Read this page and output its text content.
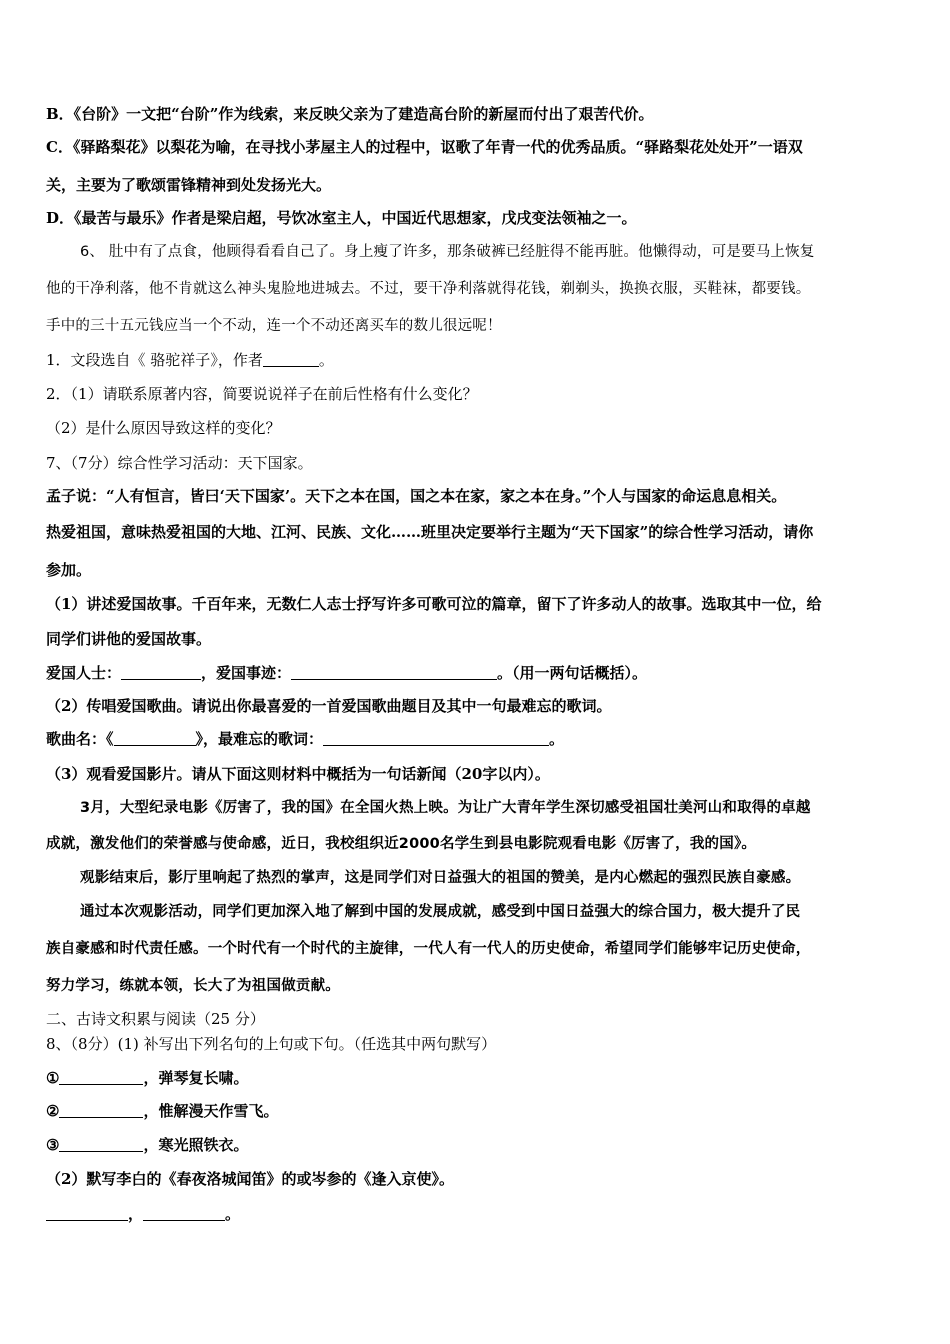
B．《台阶》一文把“台阶”作为线索，来反映父亲为了建造高台阶的新屋而付出了艰苦代价。
C．《驿路梨花》以梨花为喻，在寻找小茅屋主人的过程中，讴歌了年青一代的优秀品质。“驿路梨花处处开”一语双
关，主要为了歌颂雷锋精神到处发扬光大。
D．《最苦与最乐》作者是梁启超，号饮冰室主人，中国近代思想家，戊戌变法领袖之一。
6、 肚中有了点食，他顾得看看自己了。身上瘦了许多，那条破裤已经脏得不能再脏。他懒得动，可是要马上恢复
他的干净利落，他不肯就这么神头鬼脸地进城去。不过，要干净利落就得花钱，剃剃头，换换衣服，买鞋袜，都要钱。
手中的三十五元钱应当一个不动，连一个不动还离买车的数儿很远呢！
1．文段选自《 骆驼祥子》，作者	。
2．（1）请联系原著内容，简要说说祥子在前后性格有什么变化？
（2）是什么原因导致这样的变化？
7、（7分）综合性学习活动：天下国家。
孟子说：“人有恒言，皆曰‘天下国家’。天下之本在国，国之本在家，家之本在身。”个人与国家的命运息息相关。
热爱祖国，意味热爱祖国的大地、江河、民族、文化……班里决定要举行主题为“天下国家”的综合性学习活动，请你
参加。
（1）讲述爱国故事。千百年来，无数仁人志士抒写许多可歌可泣的篇章，留下了许多动人的故事。选取其中一位，给
同学们讲他的爱国故事。
爱国人士：	，爱国事迹：	。（用一两句话概括）。
（2）传唱爱国歌曲。请说出你最喜爱的一首爱国歌曲题目及其中一句最难忘的歌词。
歌曲名：《	》，最难忘的歌词：	。
（3）观看爱国影片。请从下面这则材料中概括为一句话新闻（20字以内）。
3月，大型纪录电影《厉害了，我的国》在全国火热上映。为让广大青年学生深切感受祖国壮美河山和取得的卓越
成就，激发他们的荣誉感与使命感，近日，我校组织近2000名学生到县电影院观看电影《厉害了，我的国》。
观影结束后，影厅里响起了热烈的掌声，这是同学们对日益强大的祖国的赞美，是内心燃起的强烈民族自豪感。
通过本次观影活动，同学们更加深入地了解到中国的发展成就，感受到中国日益强大的综合国力，极大提升了民
族自豪感和时代责任感。一个时代有一个时代的主旋律，一代人有一代人的历史使命，希望同学们能够牢记历史使命，
努力学习，练就本领，长大了为祖国做贡献。
二、古诗文积累与阅读（25 分）
8、（8分）(1) 补写出下列名句的上句或下句。（任选其中两句默写）
①	，弹琴复长啸。
②	，惟解漫天作雪飞。
③	，寒光照铁衣。
（2）默写李白的《春夜洛城闻笛》的或岑参的《逢入京使》。
，	。
